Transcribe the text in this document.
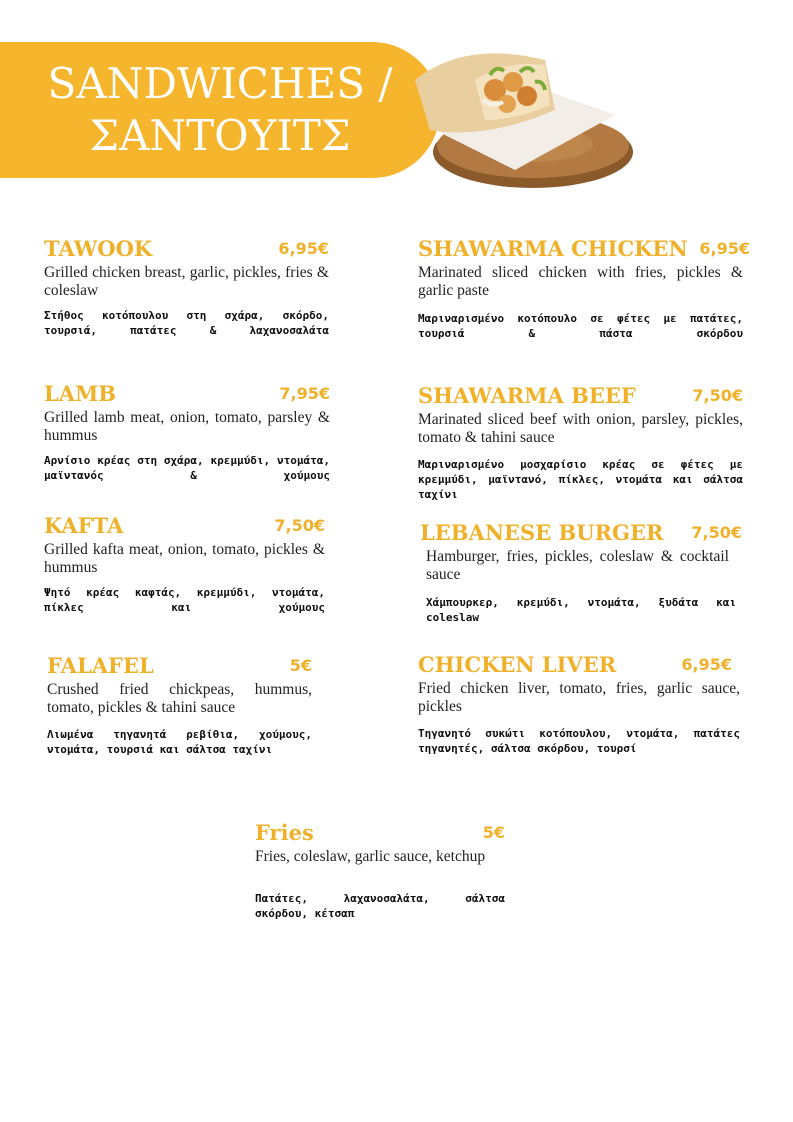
SANDWICHES /
ΣΑΝΤΟΥΙΤΣ
TAWOOK	6,95€
Grilled chicken breast, garlic, pickles, fries & coleslaw
Στήθος κοτόπουλου στη σχάρα, σκόρδο, τουρσιά, πατάτες & λαχανοσαλάτα
LAMB	7,95€
Grilled lamb meat, onion, tomato, parsley & hummus
Αρνίσιο κρέας στη σχάρα, κρεμμύδι, ντομάτα, μαϊντανός & χούμους
KAFTA	7,50€
Grilled kafta meat, onion, tomato, pickles & hummus
Ψητό κρέας καφτάς, κρεμμύδι, ντομάτα, πίκλες και χούμους
FALAFEL	5€
Crushed fried chickpeas, hummus, tomato, pickles & tahini sauce
Λιωμένα τηγανητά ρεβίθια, χούμους, ντομάτα, τουρσιά και σάλτσα ταχίνι
SHAWARMA CHICKEN 6,95€
Marinated sliced chicken with fries, pickles & garlic paste
Μαριναρισμένο κοτόπουλο σε φέτες με πατάτες, τουρσιά & πάστα σκόρδου
SHAWARMA BEEF	7,50€
Marinated sliced beef with onion, parsley, pickles, tomato & tahini sauce
Μαριναρισμένο μοσχαρίσιο κρέας σε φέτες με κρεμμύδι, μαϊντανό, πίκλες, ντομάτα και σάλτσα ταχίνι
LEBANESE BURGER 7,50€
Hamburger, fries, pickles, coleslaw & cocktail sauce
Χάμπουρκερ, κρεμύδι, ντομάτα, ξυδάτα και coleslaw
CHICKEN LIVER	6,95€
Fried chicken liver, tomato, fries, garlic sauce, pickles
Τηγανητό συκώτι κοτόπουλου, ντομάτα, πατάτες τηγανητές, σάλτσα σκόρδου, τουρσί
Fries	5€
Fries, coleslaw, garlic sauce, ketchup
Πατάτες, λαχανοσαλάτα, σάλτσα σκόρδου, κέτσαπ
